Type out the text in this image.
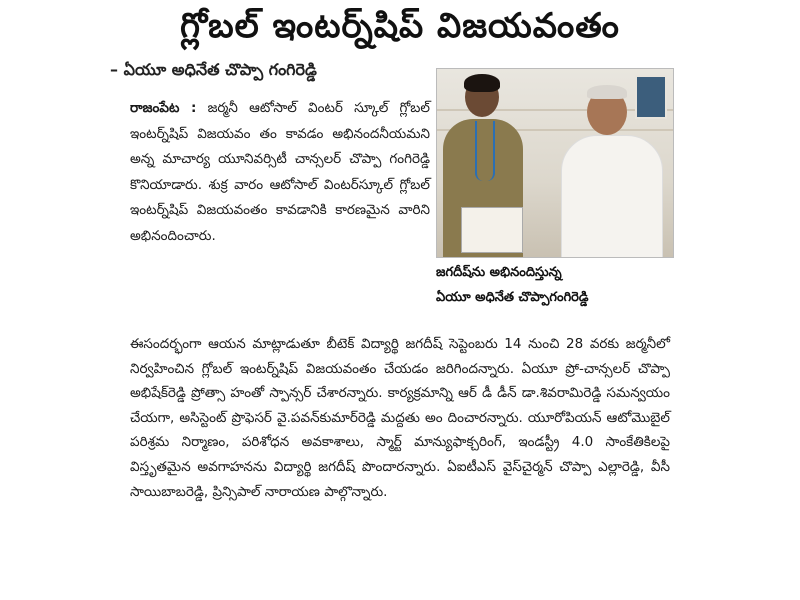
గ్లోబల్ ఇంటర్న్‌షిప్ విజయవంతం
– ఏయూ అధినేత చొప్పా గంగిరెడ్డి
రాజంపేట : జర్మనీ ఆటోసాల్ వింటర్ స్కూల్ గ్లోబల్ ఇంటర్న్‌షిప్ విజయవం తం కావడం అభినందనీయమని అన్న మాచార్య యూనివర్సిటీ చాన్సలర్ చొప్పా గంగిరెడ్డి కొనియాడారు. శుక్ర వారం ఆటోసాల్ వింటర్‌స్కూల్ గ్లోబల్ ఇంటర్న్‌షిప్ విజయవంతం కావడానికి కారణమైన వారిని అభినందించారు.
జగదీష్‌ను అభినందిస్తున్న
ఏయూ అధినేత చొప్పాగంగిరెడ్డి
ఈసందర్భంగా ఆయన మాట్లాడుతూ బీటెక్ విద్యార్థి జగదీష్ సెప్టెంబరు 14 నుంచి 28 వరకు జర్మనీలో నిర్వహించిన గ్లోబల్ ఇంటర్న్‌షిప్ విజయవంతం చేయడం జరిగిందన్నారు. ఏయూ ప్రో-చాన్సలర్ చొప్పా అభిషేక్‌రెడ్డి ప్రోత్సా హంతో స్పాన్సర్ చేశారన్నారు. కార్యక్రమాన్ని ఆర్ డీ డీన్ డా.శివరామిరెడ్డి సమన్వయం చేయగా, అసిస్టెంట్ ప్రొఫెసర్ వై.పవన్‌కుమార్‌రెడ్డి మద్దతు అం దించారన్నారు. యూరోపియన్ ఆటోమొబైల్ పరిశ్రమ నిర్మాణం, పరిశోధన అవకాశాలు, స్మార్ట్ మాన్యుఫాక్చరింగ్, ఇండస్ట్రీ 4.0 సాంకేతికిలపై విస్తృతమైన అవగాహనను విద్యార్థి జగదీష్ పొందారన్నారు. ఏఐటీఎస్ వైస్‌చైర్మన్ చొప్పా ఎల్లారెడ్డి, వీసీ సాయిబాబరెడ్డి, ప్రిన్సిపాల్ నారాయణ పాల్గొన్నారు.
